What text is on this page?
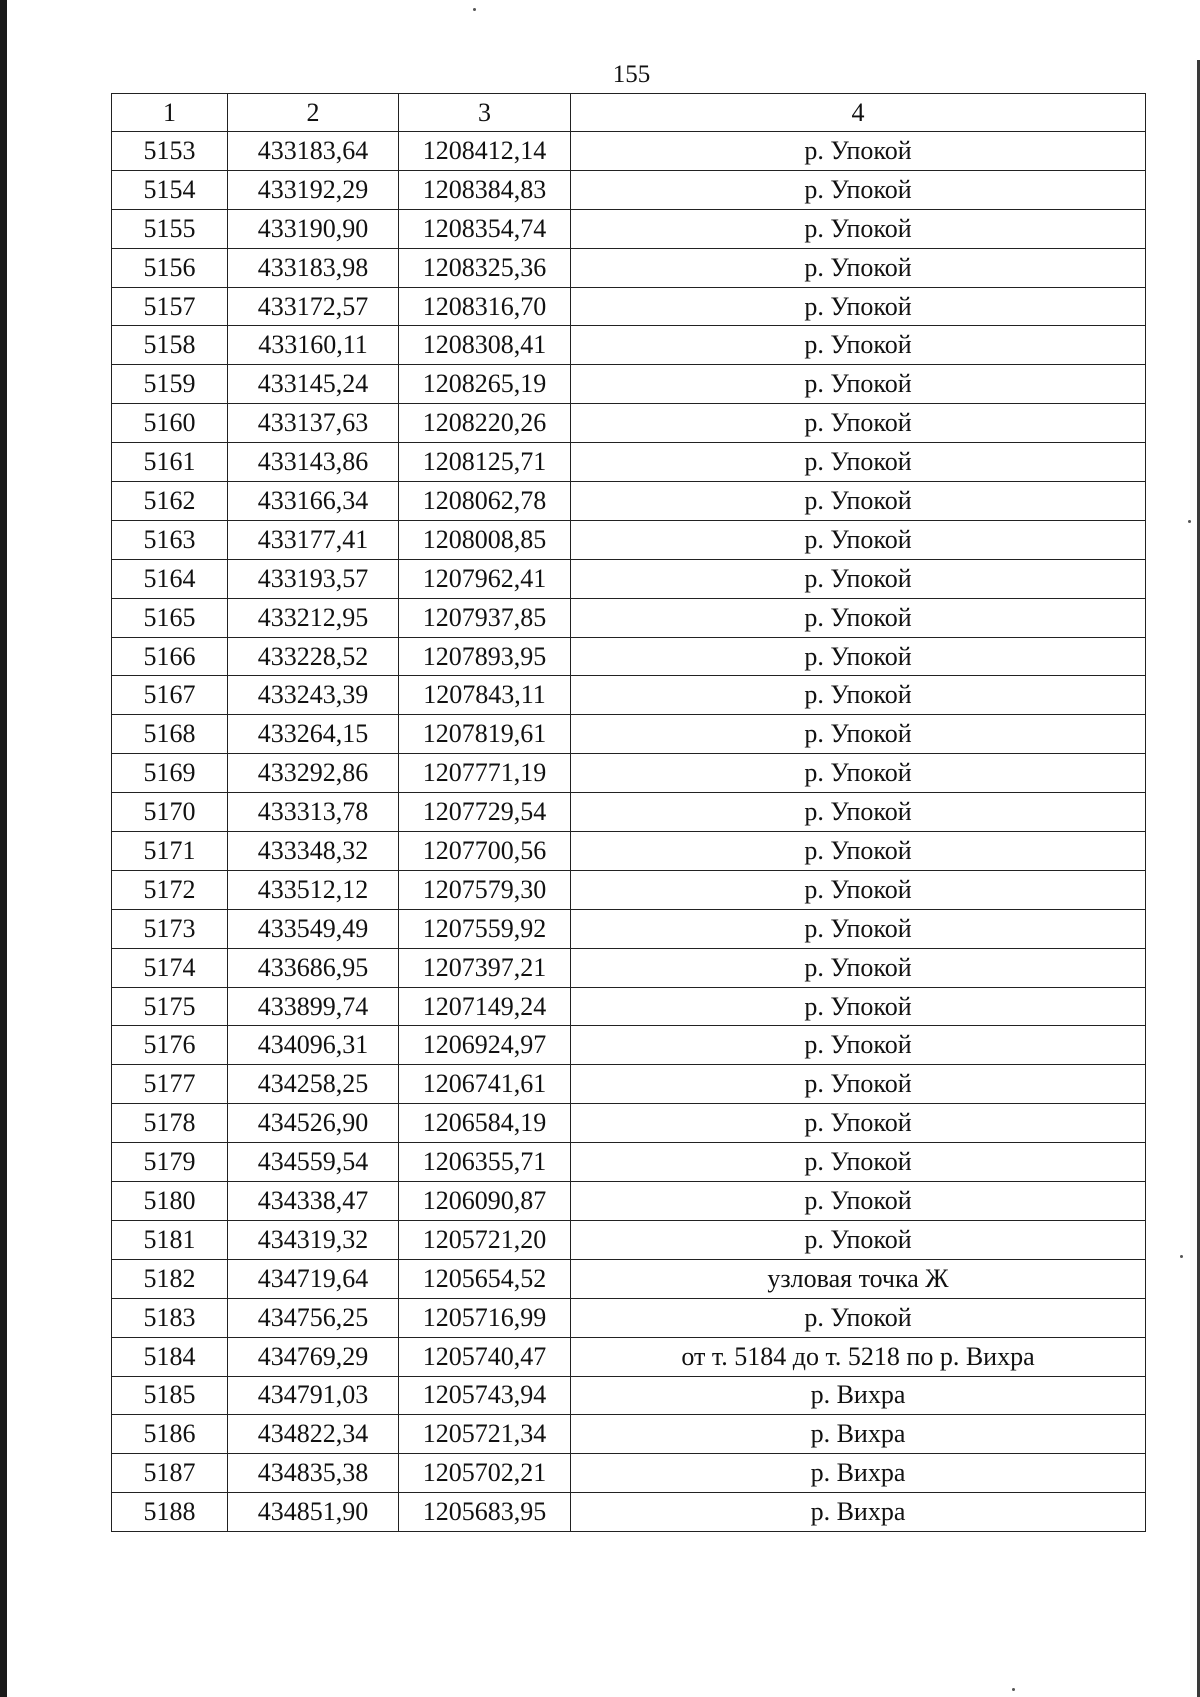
155
1	2	3	4
5153	433183,64	1208412,14	р. Упокой
5154	433192,29	1208384,83	р. Упокой
5155	433190,90	1208354,74	р. Упокой
5156	433183,98	1208325,36	р. Упокой
5157	433172,57	1208316,70	р. Упокой
5158	433160,11	1208308,41	р. Упокой
5159	433145,24	1208265,19	р. Упокой
5160	433137,63	1208220,26	р. Упокой
5161	433143,86	1208125,71	р. Упокой
5162	433166,34	1208062,78	р. Упокой
5163	433177,41	1208008,85	р. Упокой
5164	433193,57	1207962,41	р. Упокой
5165	433212,95	1207937,85	р. Упокой
5166	433228,52	1207893,95	р. Упокой
5167	433243,39	1207843,11	р. Упокой
5168	433264,15	1207819,61	р. Упокой
5169	433292,86	1207771,19	р. Упокой
5170	433313,78	1207729,54	р. Упокой
5171	433348,32	1207700,56	р. Упокой
5172	433512,12	1207579,30	р. Упокой
5173	433549,49	1207559,92	р. Упокой
5174	433686,95	1207397,21	р. Упокой
5175	433899,74	1207149,24	р. Упокой
5176	434096,31	1206924,97	р. Упокой
5177	434258,25	1206741,61	р. Упокой
5178	434526,90	1206584,19	р. Упокой
5179	434559,54	1206355,71	р. Упокой
5180	434338,47	1206090,87	р. Упокой
5181	434319,32	1205721,20	р. Упокой
5182	434719,64	1205654,52	узловая точка Ж
5183	434756,25	1205716,99	р. Упокой
5184	434769,29	1205740,47	от т. 5184 до т. 5218 по р. Вихра
5185	434791,03	1205743,94	р. Вихра
5186	434822,34	1205721,34	р. Вихра
5187	434835,38	1205702,21	р. Вихра
5188	434851,90	1205683,95	р. Вихра
